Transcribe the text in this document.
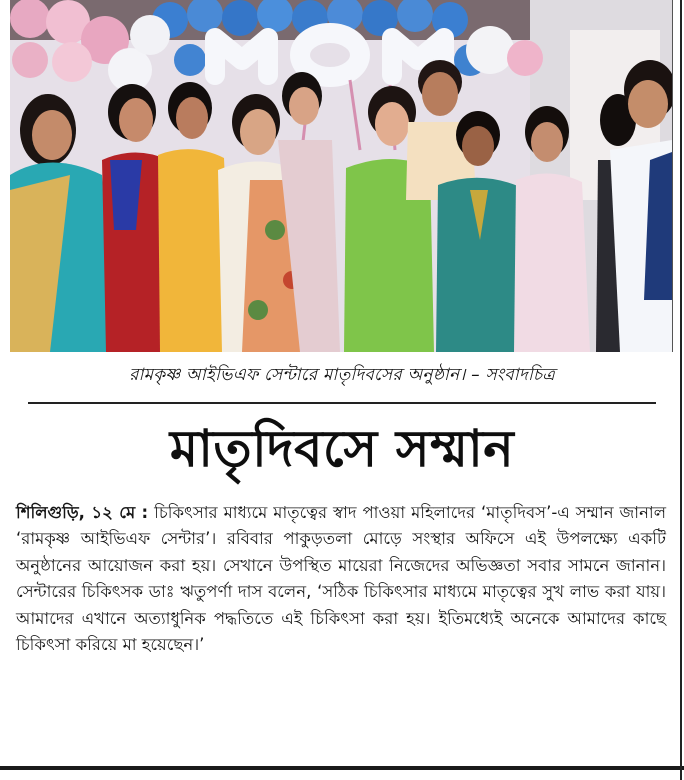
রামকৃষ্ণ আইভিএফ সেন্টারে মাতৃদিবসের অনুষ্ঠান। – সংবাদচিত্র
মাতৃদিবসে সম্মান
শিলিগুড়ি, ১২ মে : চিকিৎসার মাধ্যমে মাতৃত্বের স্বাদ পাওয়া মহিলাদের ‘মাতৃদিবস’-এ সম্মান জানাল ‘রামকৃষ্ণ আইভিএফ সেন্টার’। রবিবার পাকুড়তলা মোড়ে সংস্থার অফিসে এই উপলক্ষ্যে একটি অনুষ্ঠানের আয়োজন করা হয়। সেখানে উপস্থিত মায়েরা নিজেদের অভিজ্ঞতা সবার সামনে জানান। সেন্টারের চিকিৎসক ডাঃ ঋতুপর্ণা দাস বলেন, ‘সঠিক চিকিৎসার মাধ্যমে মাতৃত্বের সুখ লাভ করা যায়। আমাদের এখানে অত্যাধুনিক পদ্ধতিতে এই চিকিৎসা করা হয়। ইতিমধ্যেই অনেকে আমাদের কাছে চিকিৎসা করিয়ে মা হয়েছেন।’
